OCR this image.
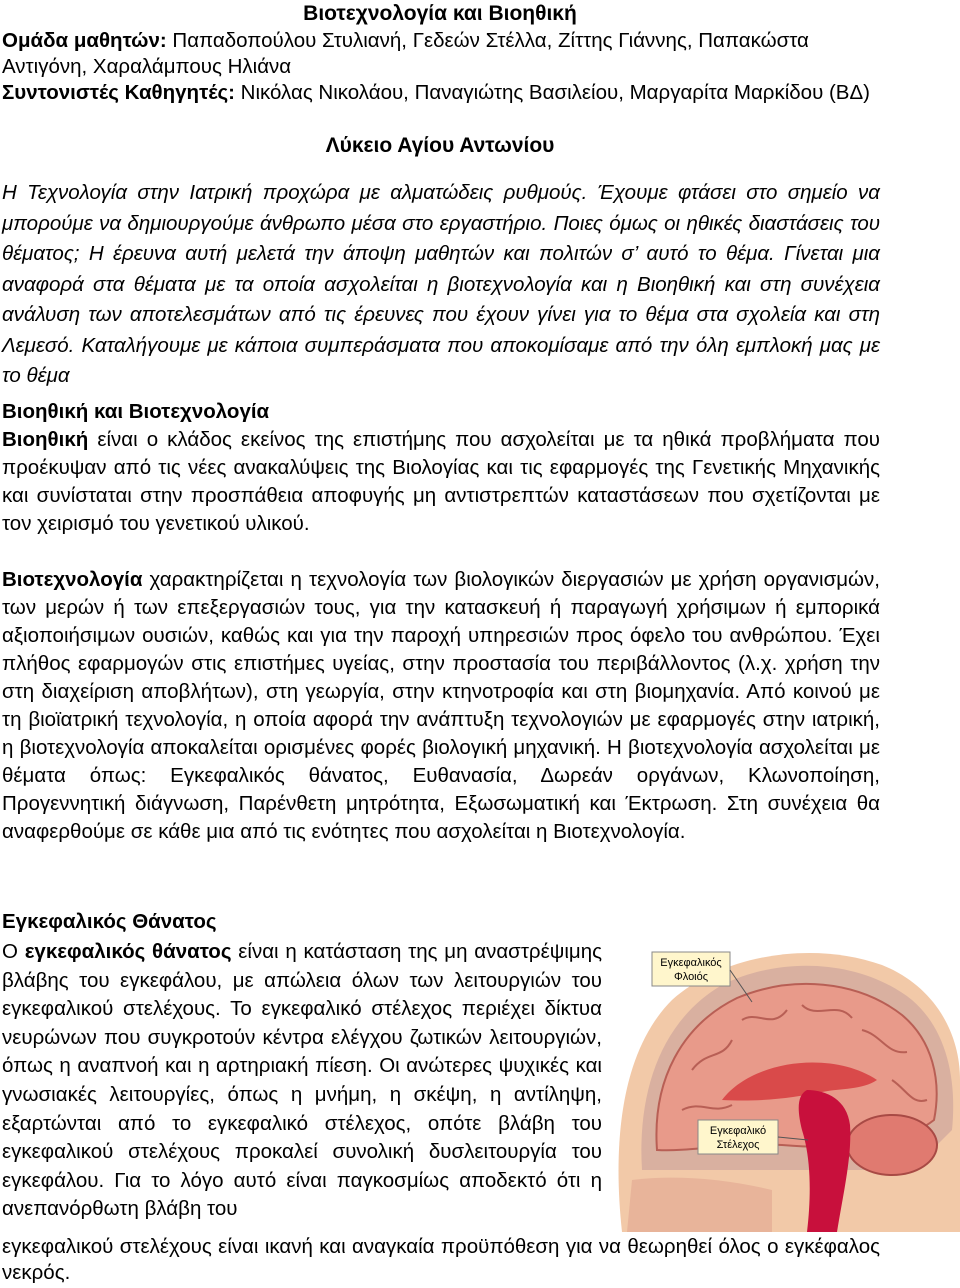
Βιοτεχνολογία και Βιοηθική

Ομάδα μαθητών: Παπαδοπούλου Στυλιανή, Γεδεών Στέλλα, Ζίττης Γιάννης, Παπακώστα Αντιγόνη, Χαραλάμπους Ηλιάνα
Συντονιστές Καθηγητές: Νικόλας Νικολάου, Παναγιώτης Βασιλείου, Μαργαρίτα Μαρκίδου (ΒΔ)

Λύκειο Αγίου Αντωνίου

Η Τεχνολογία στην Ιατρική προχώρα με αλματώδεις ρυθμούς. Έχουμε φτάσει στο σημείο να μπορούμε να δημιουργούμε άνθρωπο μέσα στο εργαστήριο. Ποιες όμως οι ηθικές διαστάσεις του θέματος; Η έρευνα αυτή μελετά την άποψη μαθητών και πολιτών σ’ αυτό το θέμα. Γίνεται μια αναφορά στα θέματα με τα οποία ασχολείται η βιοτεχνολογία και η Βιοηθική και στη συνέχεια ανάλυση των αποτελεσμάτων από τις έρευνες που έχουν γίνει για το θέμα στα σχολεία και στη Λεμεσό. Καταλήγουμε με κάποια συμπεράσματα που αποκομίσαμε από την όλη εμπλοκή μας με το θέμα

Βιοηθική και Βιοτεχνολογία

Βιοηθική είναι ο κλάδος εκείνος της επιστήμης που ασχολείται με τα ηθικά προβλήματα που προέκυψαν από τις νέες ανακαλύψεις της Βιολογίας και τις εφαρμογές της Γενετικής Μηχανικής και συνίσταται στην προσπάθεια αποφυγής μη αντιστρεπτών καταστάσεων που σχετίζονται με τον χειρισμό του γενετικού υλικού.

Βιοτεχνολογία χαρακτηρίζεται η τεχνολογία των βιολογικών διεργασιών με χρήση οργανισμών, των μερών ή των επεξεργασιών τους, για την κατασκευή ή παραγωγή χρήσιμων ή εμπορικά αξιοποιήσιμων ουσιών, καθώς και για την παροχή υπηρεσιών προς όφελο του ανθρώπου. Έχει πλήθος εφαρμογών στις επιστήμες υγείας, στην προστασία του περιβάλλοντος (λ.χ. χρήση την στη διαχείριση αποβλήτων), στη γεωργία, στην κτηνοτροφία και στη βιομηχανία. Από κοινού με τη βιοϊατρική τεχνολογία, η οποία αφορά την ανάπτυξη τεχνολογιών με εφαρμογές στην ιατρική, η βιοτεχνολογία αποκαλείται ορισμένες φορές βιολογική μηχανική. Η βιοτεχνολογία ασχολείται με θέματα όπως: Εγκεφαλικός θάνατος, Ευθανασία, Δωρεάν οργάνων, Κλωνοποίηση, Προγεννητική διάγνωση, Παρένθετη μητρότητα, Εξωσωματική και Έκτρωση. Στη συνέχεια θα αναφερθούμε σε κάθε μια από τις ενότητες που ασχολείται η Βιοτεχνολογία.

Εγκεφαλικός Θάνατος

Ο εγκεφαλικός θάνατος είναι η κατάσταση της μη αναστρέψιμης βλάβης του εγκεφάλου, με απώλεια όλων των λειτουργιών του εγκεφαλικού στελέχους. Το εγκεφαλικό στέλεχος περιέχει δίκτυα νευρώνων που συγκροτούν κέντρα ελέγχου ζωτικών λειτουργιών, όπως η αναπνοή και η αρτηριακή πίεση. Οι ανώτερες ψυχικές και γνωσιακές λειτουργίες, όπως η μνήμη, η σκέψη, η αντίληψη, εξαρτώνται από το εγκεφαλικό στέλεχος, οπότε βλάβη του εγκεφαλικού στελέχους προκαλεί συνολική δυσλειτουργία του εγκεφάλου. Για το λόγο αυτό είναι παγκοσμίως αποδεκτό ότι η ανεπανόρθωτη βλάβη του

εγκεφαλικού στελέχους είναι ικανή και αναγκαία προϋπόθεση για να θεωρηθεί όλος ο εγκέφαλος νεκρός.

Εγκεφαλικός
Φλοιός
Εγκεφαλικό
Στέλεχος
